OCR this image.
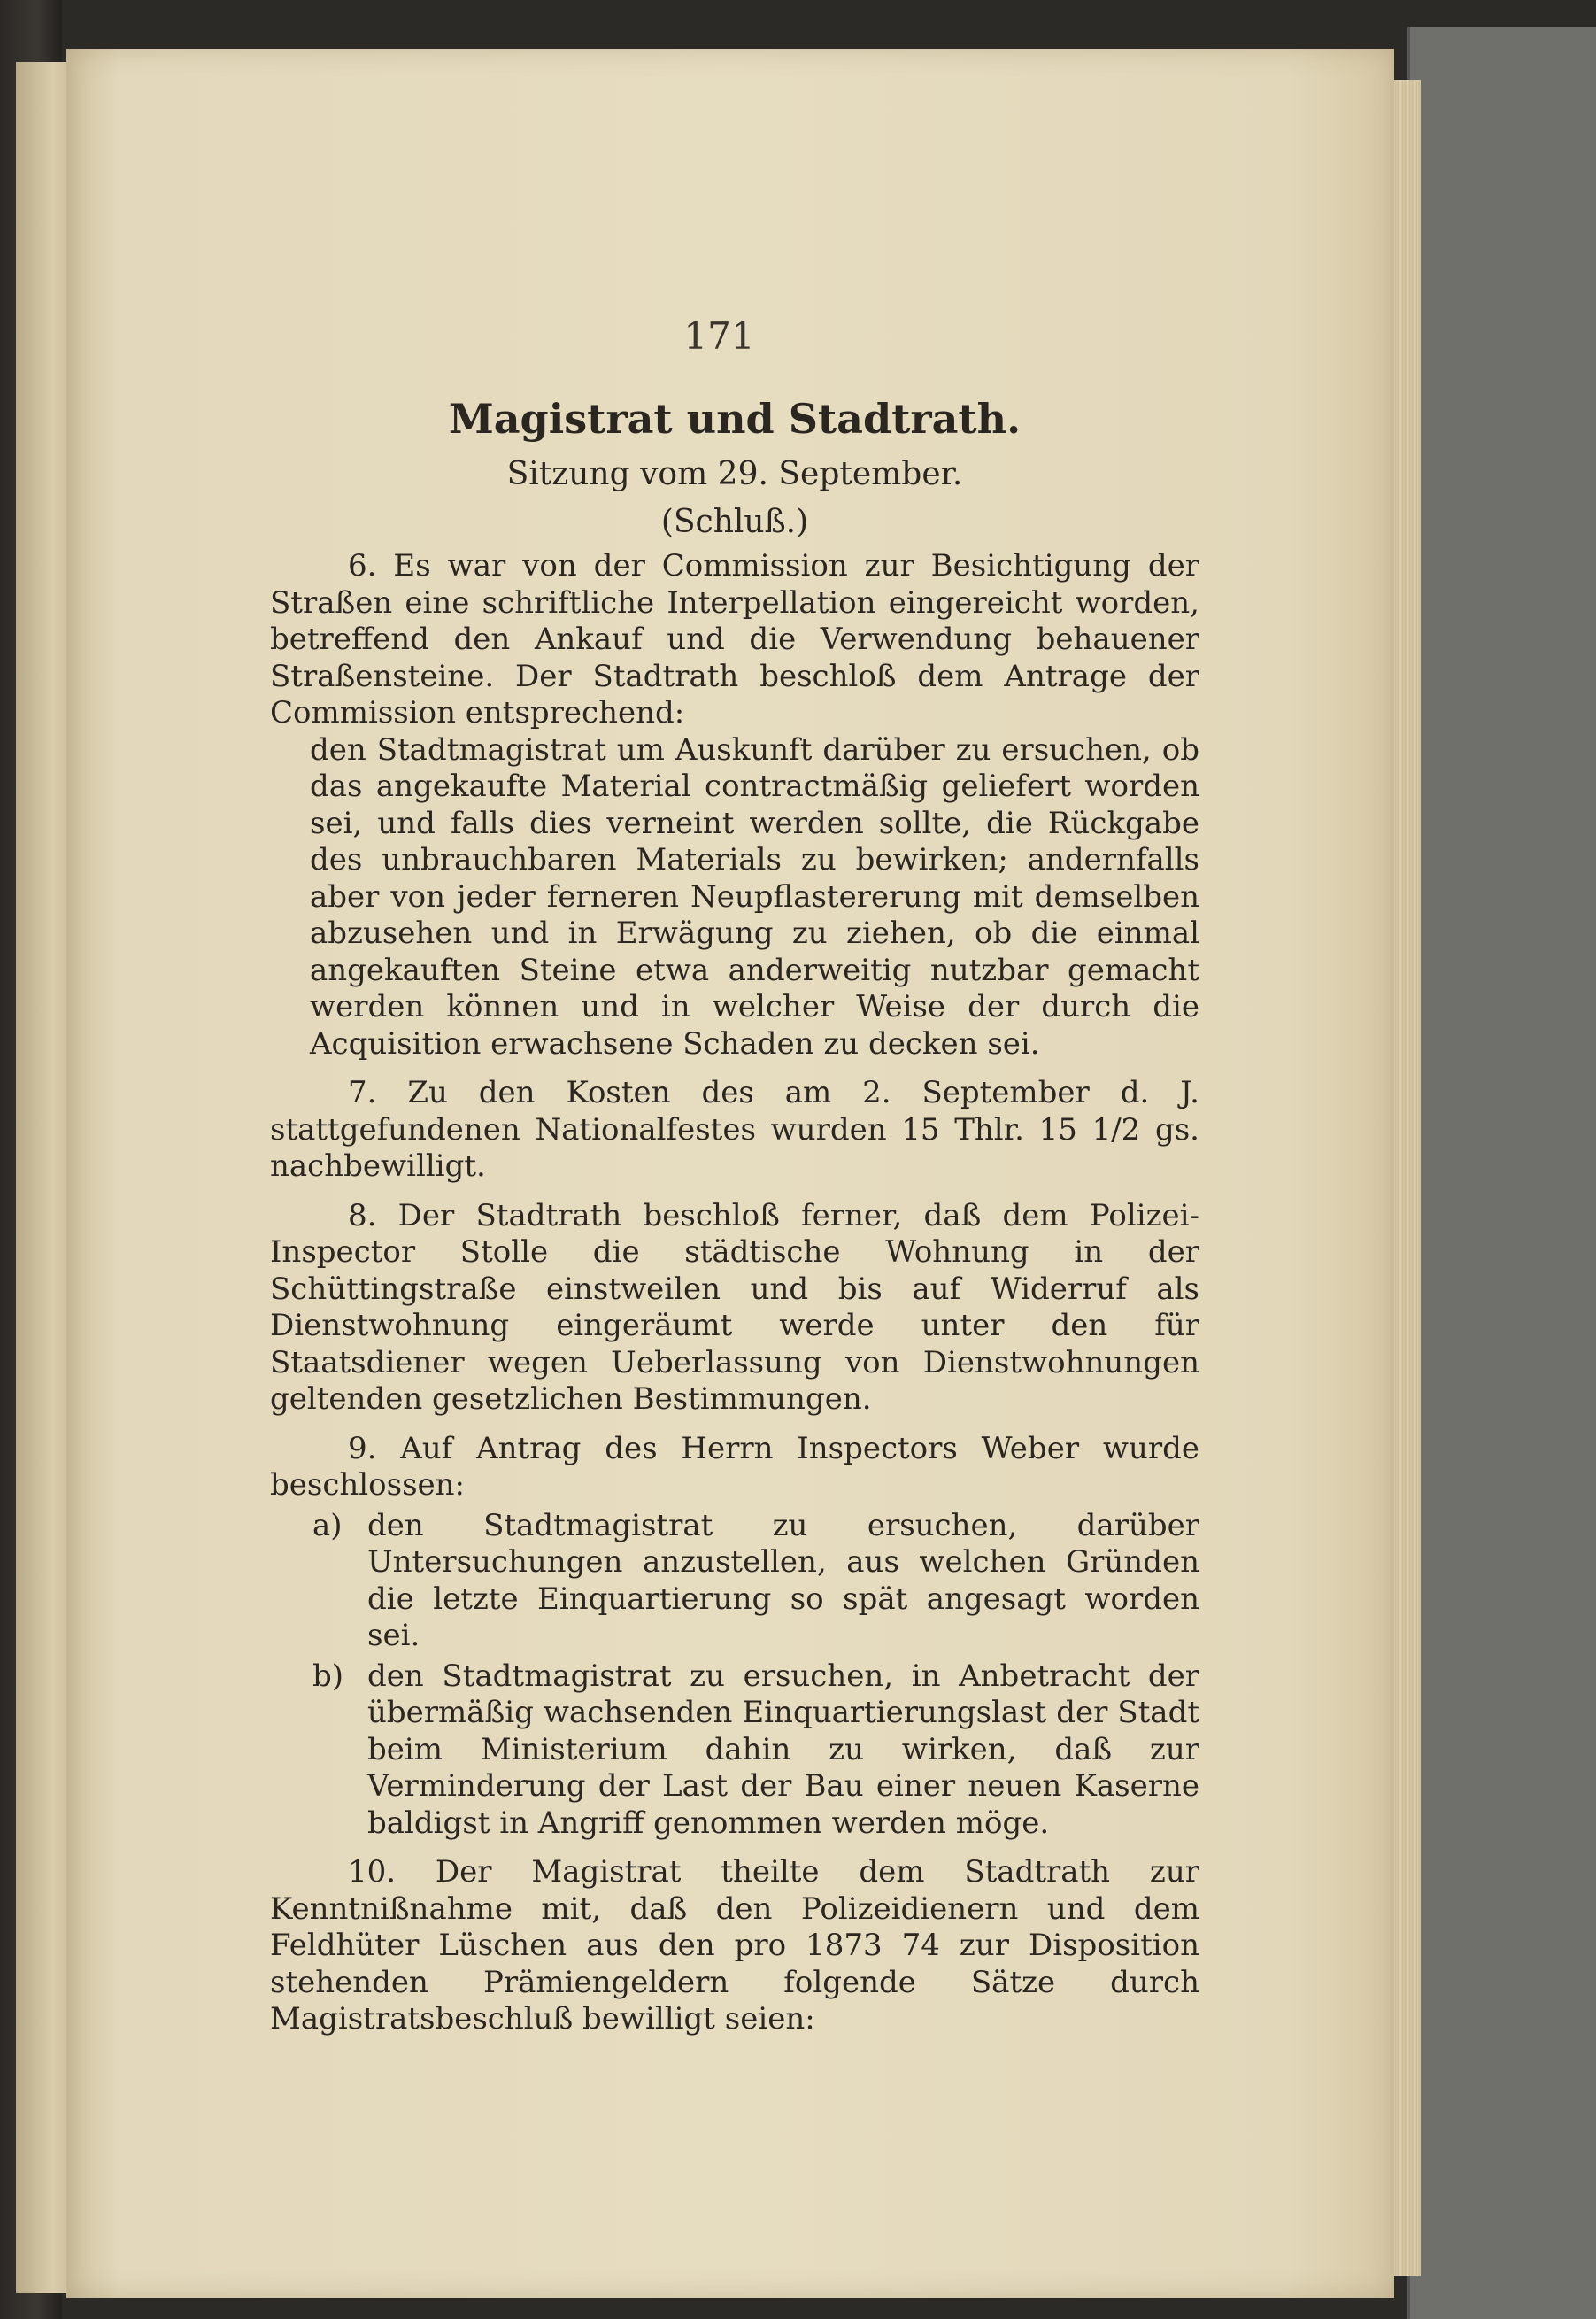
171
Magistrat und Stadtrath.
Sitzung vom 29. September.
(Schluß.)

6. Es war von der Commission zur Besichtigung der Straßen eine schriftliche Interpellation eingereicht worden, betreffend den Ankauf und die Verwendung behauener Straßensteine. Der Stadtrath beschloß dem Antrage der Commission entsprechend:

den Stadtmagistrat um Auskunft darüber zu ersuchen, ob das angekaufte Material contractmäßig geliefert worden sei, und falls dies verneint werden sollte, die Rückgabe des unbrauchbaren Materials zu bewirken; andernfalls aber von jeder ferneren Neupflastererung mit demselben abzusehen und in Erwägung zu ziehen, ob die einmal angekauften Steine etwa anderweitig nutzbar gemacht werden können und in welcher Weise der durch die Acquisition erwachsene Schaden zu decken sei.

7. Zu den Kosten des am 2. September d. J. stattgefundenen Nationalfestes wurden 15 Thlr. 15 1/2 gs. nachbewilligt.

8. Der Stadtrath beschloß ferner, daß dem Polizei-Inspector Stolle die städtische Wohnung in der Schüttingstraße einstweilen und bis auf Widerruf als Dienstwohnung eingeräumt werde unter den für Staatsdiener wegen Ueberlassung von Dienstwohnungen geltenden gesetzlichen Bestimmungen.

9. Auf Antrag des Herrn Inspectors Weber wurde beschlossen:

a) den Stadtmagistrat zu ersuchen, darüber Untersuchungen anzustellen, aus welchen Gründen die letzte Einquartierung so spät angesagt worden sei.
b) den Stadtmagistrat zu ersuchen, in Anbetracht der übermäßig wachsenden Einquartierungslast der Stadt beim Ministerium dahin zu wirken, daß zur Verminderung der Last der Bau einer neuen Kaserne baldigst in Angriff genommen werden möge.

10. Der Magistrat theilte dem Stadtrath zur Kenntnißnahme mit, daß den Polizeidienern und dem Feldhüter Lüschen aus den pro 1873 74 zur Disposition stehenden Prämiengeldern folgende Sätze durch Magistratsbeschluß bewilligt seien:
